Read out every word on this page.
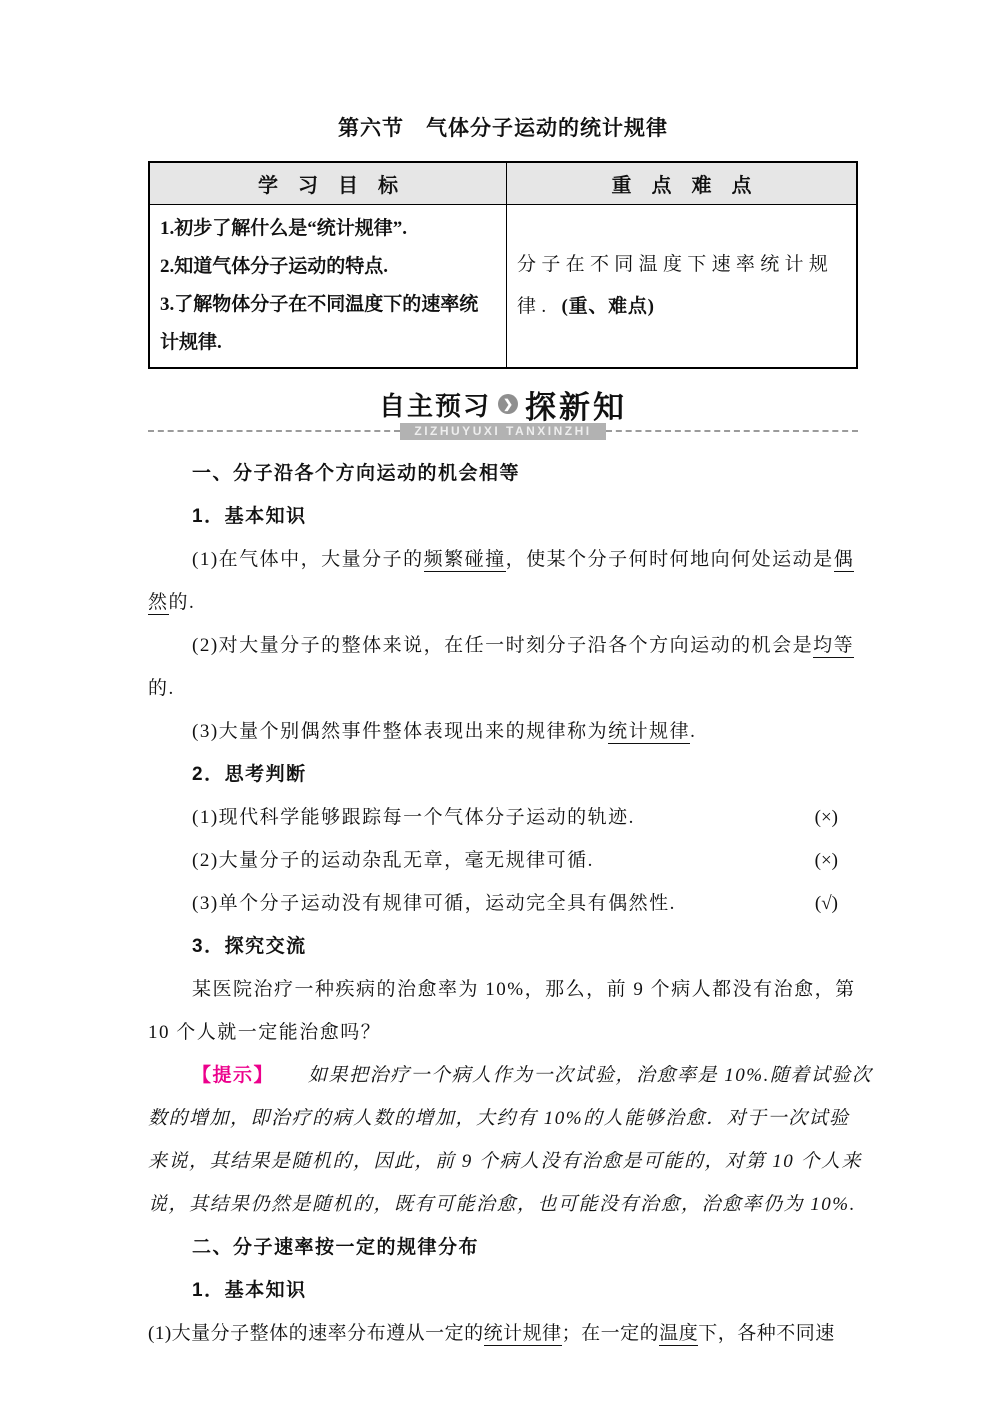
第六节　气体分子运动的统计规律
学　习　目　标	重　点　难　点

1.初步了解什么是“统计规律”.
2.知道气体分子运动的特点.
3.了解物体分子在不同温度下的速率统计规律.	分子在不同温度下速率统计规律. (重、难点)
自主预习 ❯ 探新知
ZIZHUYUXI TANXINZHI
一、分子沿各个方向运动的机会相等
1．基本知识
(1)在气体中，大量分子的频繁碰撞，使某个分子何时何地向何处运动是偶
然的.
(2)对大量分子的整体来说，在任一时刻分子沿各个方向运动的机会是均等
的.
(3)大量个别偶然事件整体表现出来的规律称为统计规律.
2．思考判断
(1)现代科学能够跟踪每一个气体分子运动的轨迹.	(×)
(2)大量分子的运动杂乱无章，毫无规律可循.	(×)
(3)单个分子运动没有规律可循，运动完全具有偶然性.	(√)
3．探究交流
某医院治疗一种疾病的治愈率为 10%，那么，前 9 个病人都没有治愈，第
10 个人就一定能治愈吗？
【提示】 如果把治疗一个病人作为一次试验，治愈率是 10%.随着试验次
数的增加，即治疗的病人数的增加，大约有 10%的人能够治愈．对于一次试验
来说，其结果是随机的，因此，前 9 个病人没有治愈是可能的，对第 10 个人来
说，其结果仍然是随机的，既有可能治愈，也可能没有治愈，治愈率仍为 10%.
二、分子速率按一定的规律分布
1．基本知识
(1)大量分子整体的速率分布遵从一定的统计规律；在一定的温度下，各种不同速
